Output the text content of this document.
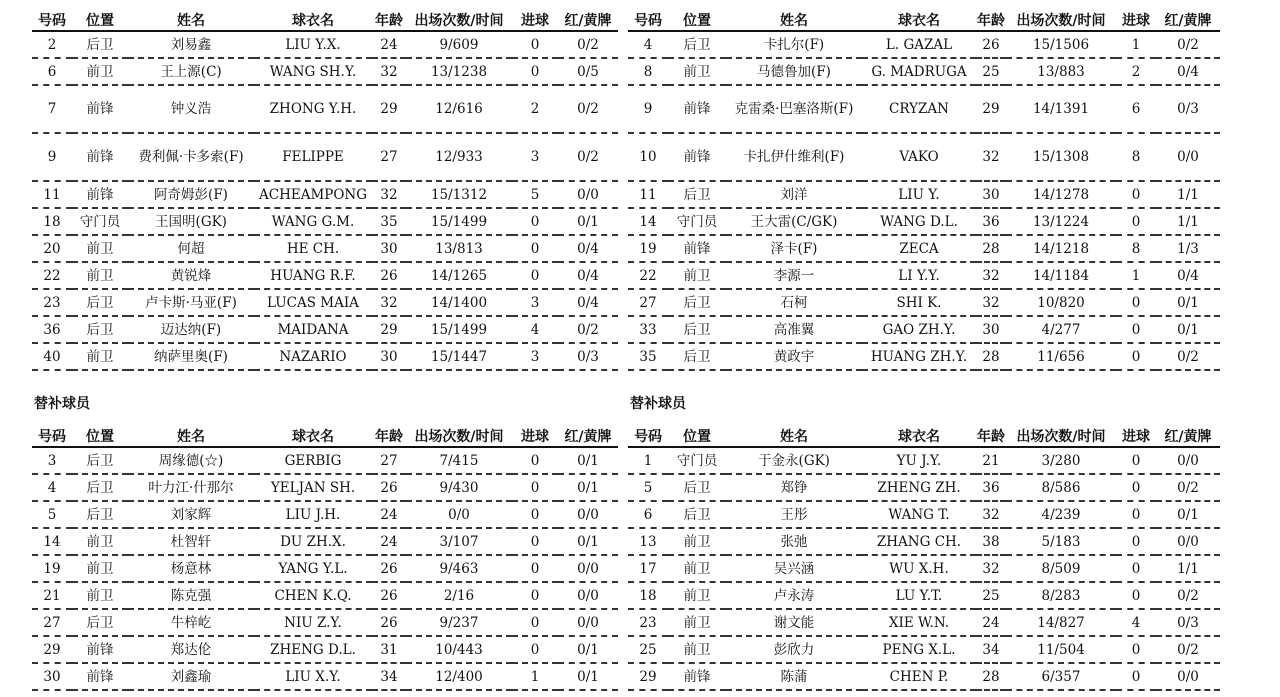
号码	位置	姓名	球衣名	年龄	出场次数/时间	进球	红/黄牌
2	后卫	刘易鑫	LIU Y.X.	24	9/609	0	0/2
6	前卫	王上源(C)	WANG SH.Y.	32	13/1238	0	0/5
7	前锋	钟义浩	ZHONG Y.H.	29	12/616	2	0/2
9	前锋	费利佩·卡多索(F)	FELIPPE	27	12/933	3	0/2
11	前锋	阿奇姆彭(F)	ACHEAMPONG	32	15/1312	5	0/0
18	守门员	王国明(GK)	WANG G.M.	35	15/1499	0	0/1
20	前卫	何超	HE CH.	30	13/813	0	0/4
22	前卫	黄锐烽	HUANG R.F.	26	14/1265	0	0/4
23	后卫	卢卡斯·马亚(F)	LUCAS MAIA	32	14/1400	3	0/4
36	后卫	迈达纳(F)	MAIDANA	29	15/1499	4	0/2
40	前卫	纳萨里奥(F)	NAZARIO	30	15/1447	3	0/3
号码	位置	姓名	球衣名	年龄	出场次数/时间	进球	红/黄牌
4	后卫	卡扎尔(F)	L. GAZAL	26	15/1506	1	0/2
8	前卫	马德鲁加(F)	G. MADRUGA	25	13/883	2	0/4
9	前锋	克雷桑·巴塞洛斯(F)	CRYZAN	29	14/1391	6	0/3
10	前锋	卡扎伊什维利(F)	VAKO	32	15/1308	8	0/0
11	后卫	刘洋	LIU Y.	30	14/1278	0	1/1
14	守门员	王大雷(C/GK)	WANG D.L.	36	13/1224	0	1/1
19	前锋	泽卡(F)	ZECA	28	14/1218	8	1/3
22	前卫	李源一	LI Y.Y.	32	14/1184	1	0/4
27	后卫	石柯	SHI K.	32	10/820	0	0/1
33	后卫	高准翼	GAO ZH.Y.	30	4/277	0	0/1
35	后卫	黄政宇	HUANG ZH.Y.	28	11/656	0	0/2
替补球员	替补球员
号码	位置	姓名	球衣名	年龄	出场次数/时间	进球	红/黄牌
3	后卫	周缘德(☆)	GERBIG	27	7/415	0	0/1
4	后卫	叶力江·什那尔	YELJAN SH.	26	9/430	0	0/1
5	后卫	刘家辉	LIU J.H.	24	0/0	0	0/0
14	前卫	杜智轩	DU ZH.X.	24	3/107	0	0/1
19	前卫	杨意林	YANG Y.L.	26	9/463	0	0/0
21	前卫	陈克强	CHEN K.Q.	26	2/16	0	0/0
27	后卫	牛梓屹	NIU Z.Y.	26	9/237	0	0/0
29	前锋	郑达伦	ZHENG D.L.	31	10/443	0	0/1
30	前锋	刘鑫瑜	LIU X.Y.	34	12/400	1	0/1
号码	位置	姓名	球衣名	年龄	出场次数/时间	进球	红/黄牌
1	守门员	于金永(GK)	YU J.Y.	21	3/280	0	0/0
5	后卫	郑铮	ZHENG ZH.	36	8/586	0	0/2
6	后卫	王彤	WANG T.	32	4/239	0	0/1
13	前卫	张弛	ZHANG CH.	38	5/183	0	0/0
17	前卫	吴兴涵	WU X.H.	32	8/509	0	1/1
18	前卫	卢永涛	LU Y.T.	25	8/283	0	0/2
23	前卫	谢文能	XIE W.N.	24	14/827	4	0/3
25	前卫	彭欣力	PENG X.L.	34	11/504	0	0/2
29	前锋	陈蒲	CHEN P.	28	6/357	0	0/0
